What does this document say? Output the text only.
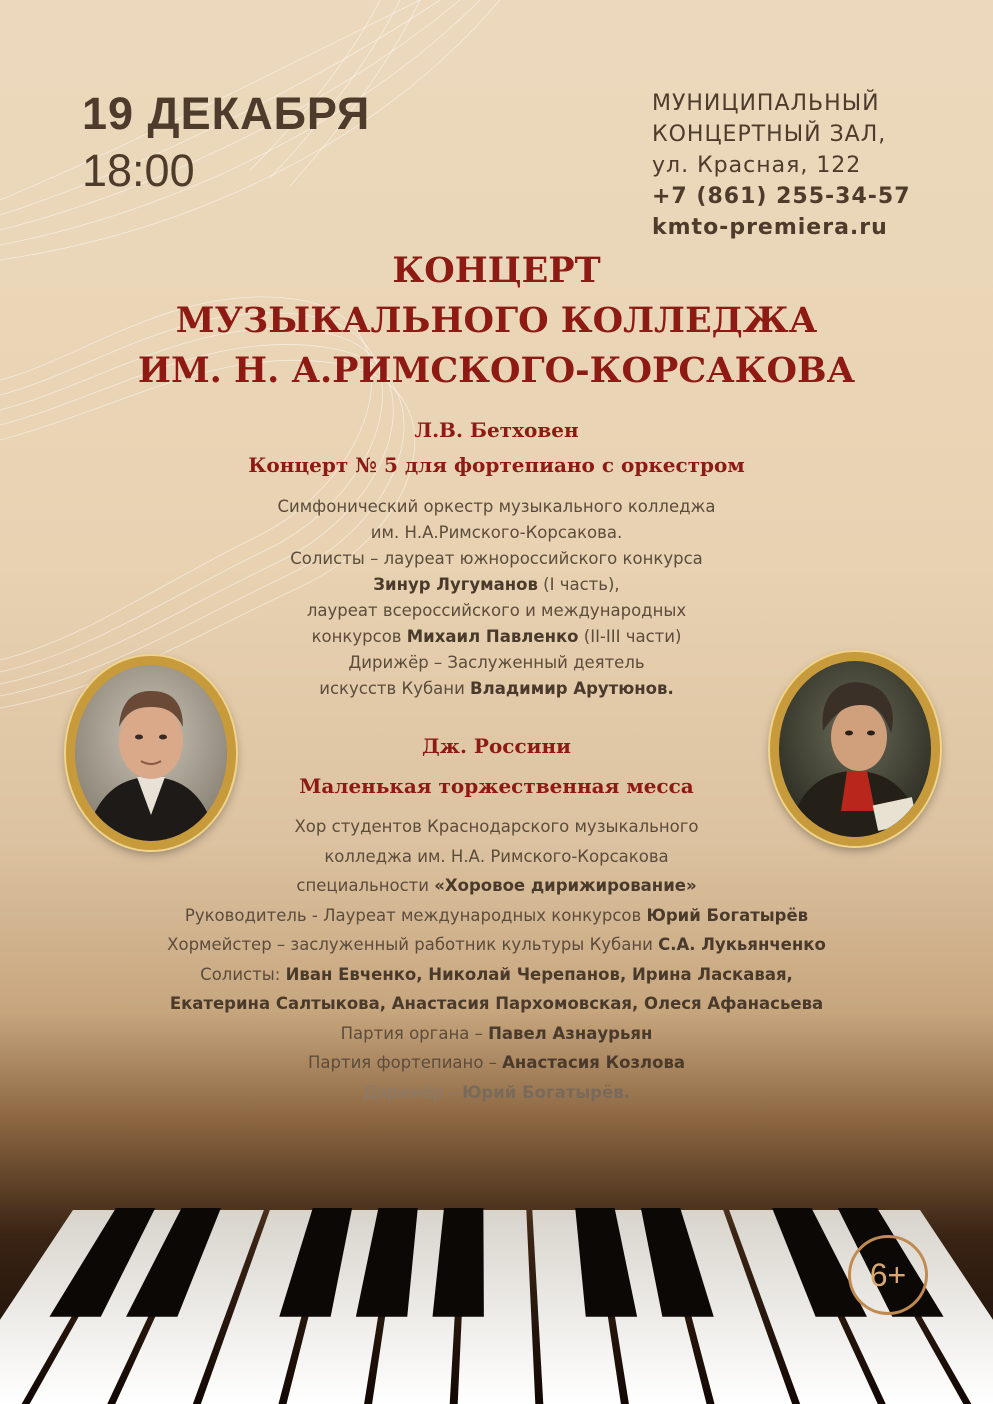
19 ДЕКАБРЯ
18:00
МУНИЦИПАЛЬНЫЙ
КОНЦЕРТНЫЙ ЗАЛ,
ул. Красная, 122
+7 (861) 255-34-57
kmto-premiera.ru
КОНЦЕРТ
МУЗЫКАЛЬНОГО КОЛЛЕДЖА
ИМ. Н. А.РИМСКОГО-КОРСАКОВА
Л.В. Бетховен
Концерт № 5 для фортепиано с оркестром
Симфонический оркестр музыкального колледжа
им. Н.А.Римского-Корсакова.
Солисты – лауреат южнороссийского конкурса
Зинур Лугуманов (I часть),
лауреат всероссийского и международных
конкурсов Михаил Павленко (II-III части)
Дирижёр – Заслуженный деятель
искусств Кубани Владимир Арутюнов.
Дж. Россини
Маленькая торжественная месса
Хор студентов Краснодарского музыкального
колледжа им. Н.А. Римского-Корсакова
специальности «Хоровое дирижирование»
Руководитель - Лауреат международных конкурсов Юрий Богатырёв
Хормейстер – заслуженный работник культуры Кубани С.А. Лукьянченко
Солисты: Иван Евченко, Николай Черепанов, Ирина Ласкавая,
Екатерина Салтыкова, Анастасия Пархомовская, Олеся Афанасьева
Партия органа – Павел Азнаурьян
Партия фортепиано – Анастасия Козлова
Дирижёр – Юрий Богатырёв.
6+
